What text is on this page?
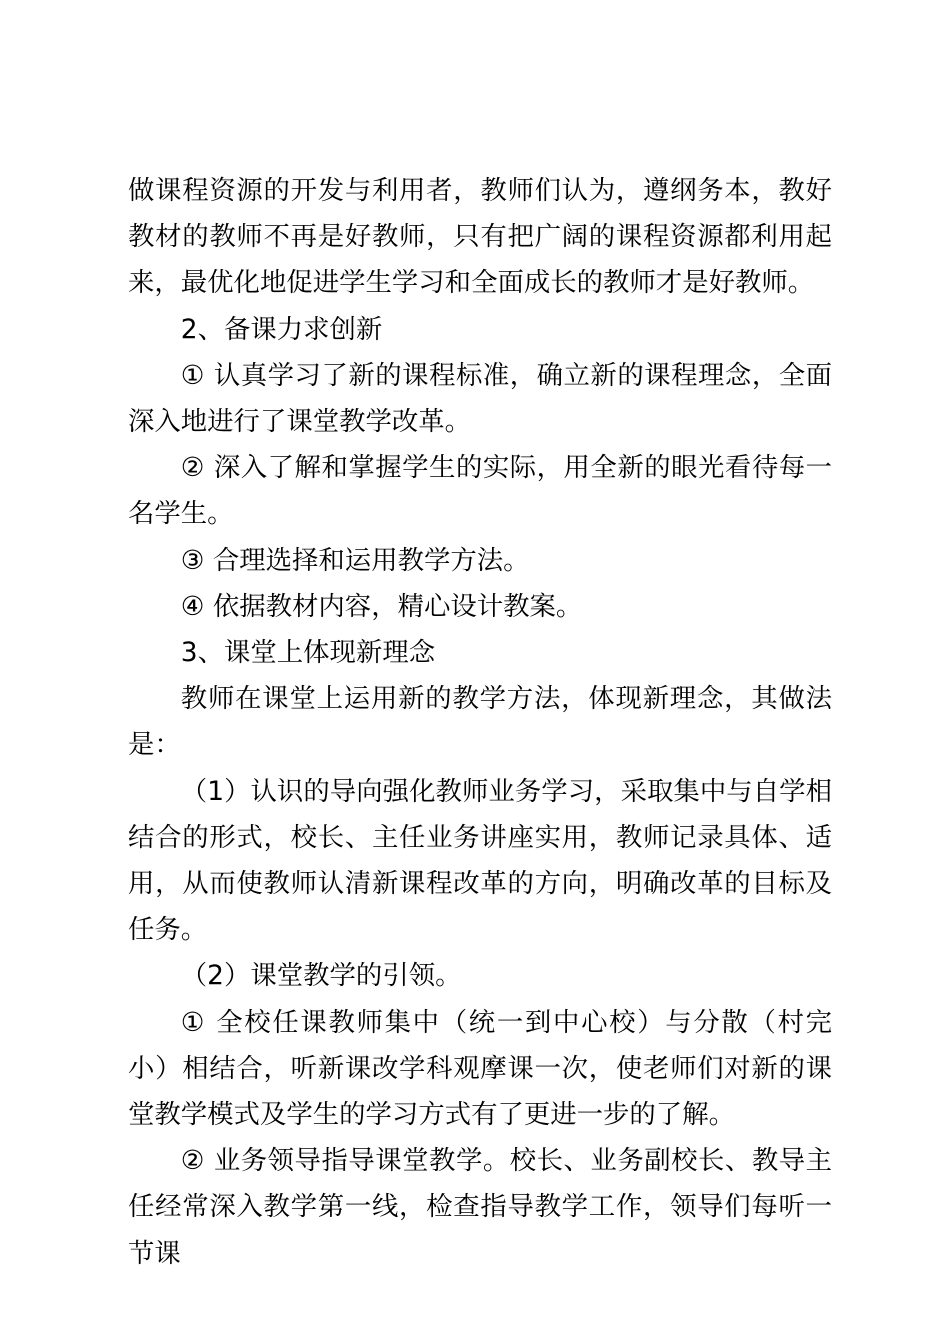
做课程资源的开发与利用者，教师们认为，遵纲务本，教好教材的教师不再是好教师，只有把广阔的课程资源都利用起来，最优化地促进学生学习和全面成长的教师才是好教师。

2、备课力求创新

① 认真学习了新的课程标准，确立新的课程理念，全面深入地进行了课堂教学改革。

② 深入了解和掌握学生的实际，用全新的眼光看待每一名学生。

③ 合理选择和运用教学方法。

④ 依据教材内容，精心设计教案。

3、课堂上体现新理念

教师在课堂上运用新的教学方法，体现新理念，其做法是：

（1）认识的导向强化教师业务学习，采取集中与自学相结合的形式，校长、主任业务讲座实用，教师记录具体、适用，从而使教师认清新课程改革的方向，明确改革的目标及任务。

（2）课堂教学的引领。

① 全校任课教师集中（统一到中心校）与分散（村完小）相结合，听新课改学科观摩课一次，使老师们对新的课堂教学模式及学生的学习方式有了更进一步的了解。

② 业务领导指导课堂教学。校长、业务副校长、教导主任经常深入教学第一线，检查指导教学工作，领导们每听一节课
